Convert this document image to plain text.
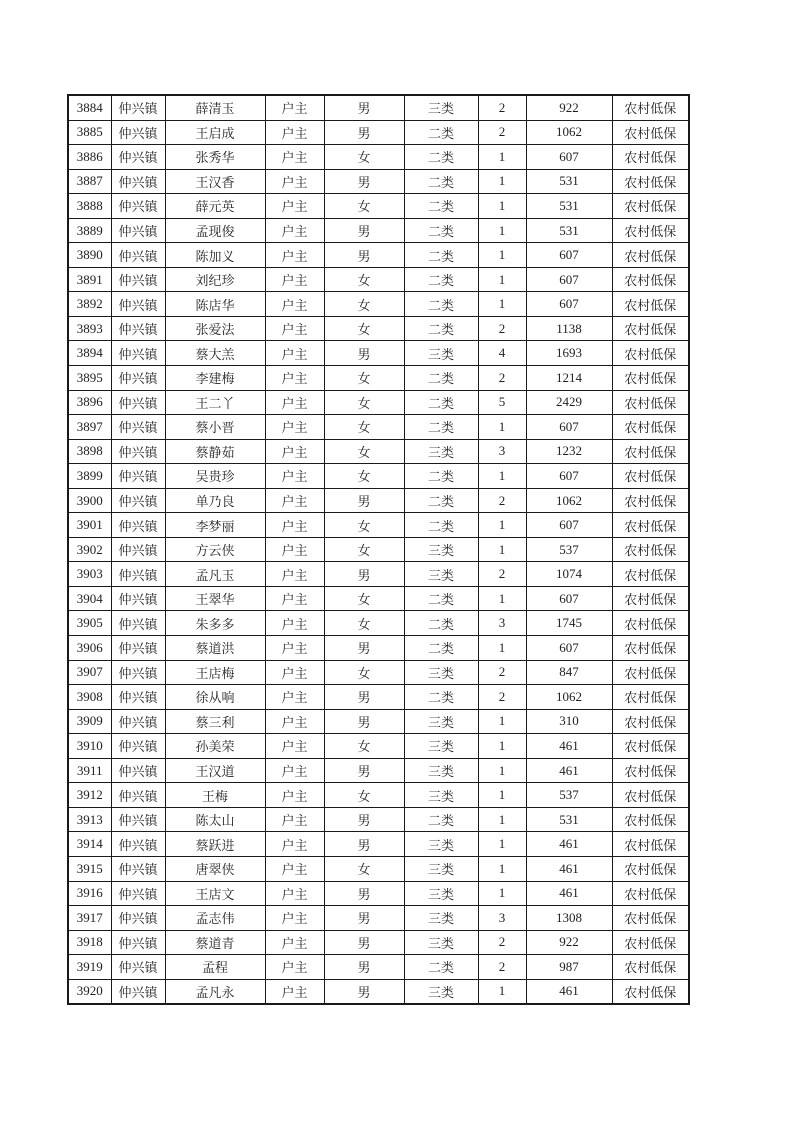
3884	仲兴镇	薛清玉	户主	男	三类	2	922	农村低保
3885	仲兴镇	王启成	户主	男	二类	2	1062	农村低保
3886	仲兴镇	张秀华	户主	女	二类	1	607	农村低保
3887	仲兴镇	王汉香	户主	男	二类	1	531	农村低保
3888	仲兴镇	薛元英	户主	女	二类	1	531	农村低保
3889	仲兴镇	孟现俊	户主	男	二类	1	531	农村低保
3890	仲兴镇	陈加义	户主	男	二类	1	607	农村低保
3891	仲兴镇	刘纪珍	户主	女	二类	1	607	农村低保
3892	仲兴镇	陈店华	户主	女	二类	1	607	农村低保
3893	仲兴镇	张爱法	户主	女	二类	2	1138	农村低保
3894	仲兴镇	蔡大羔	户主	男	三类	4	1693	农村低保
3895	仲兴镇	李建梅	户主	女	二类	2	1214	农村低保
3896	仲兴镇	王二丫	户主	女	二类	5	2429	农村低保
3897	仲兴镇	蔡小晋	户主	女	二类	1	607	农村低保
3898	仲兴镇	蔡静茹	户主	女	三类	3	1232	农村低保
3899	仲兴镇	吴贵珍	户主	女	二类	1	607	农村低保
3900	仲兴镇	单乃良	户主	男	二类	2	1062	农村低保
3901	仲兴镇	李梦丽	户主	女	二类	1	607	农村低保
3902	仲兴镇	方云侠	户主	女	三类	1	537	农村低保
3903	仲兴镇	孟凡玉	户主	男	三类	2	1074	农村低保
3904	仲兴镇	王翠华	户主	女	二类	1	607	农村低保
3905	仲兴镇	朱多多	户主	女	二类	3	1745	农村低保
3906	仲兴镇	蔡道洪	户主	男	二类	1	607	农村低保
3907	仲兴镇	王店梅	户主	女	三类	2	847	农村低保
3908	仲兴镇	徐从响	户主	男	二类	2	1062	农村低保
3909	仲兴镇	蔡三利	户主	男	三类	1	310	农村低保
3910	仲兴镇	孙美荣	户主	女	三类	1	461	农村低保
3911	仲兴镇	王汉道	户主	男	三类	1	461	农村低保
3912	仲兴镇	王梅	户主	女	三类	1	537	农村低保
3913	仲兴镇	陈太山	户主	男	二类	1	531	农村低保
3914	仲兴镇	蔡跃进	户主	男	三类	1	461	农村低保
3915	仲兴镇	唐翠侠	户主	女	三类	1	461	农村低保
3916	仲兴镇	王店文	户主	男	三类	1	461	农村低保
3917	仲兴镇	孟志伟	户主	男	三类	3	1308	农村低保
3918	仲兴镇	蔡道青	户主	男	三类	2	922	农村低保
3919	仲兴镇	孟程	户主	男	二类	2	987	农村低保
3920	仲兴镇	孟凡永	户主	男	三类	1	461	农村低保
